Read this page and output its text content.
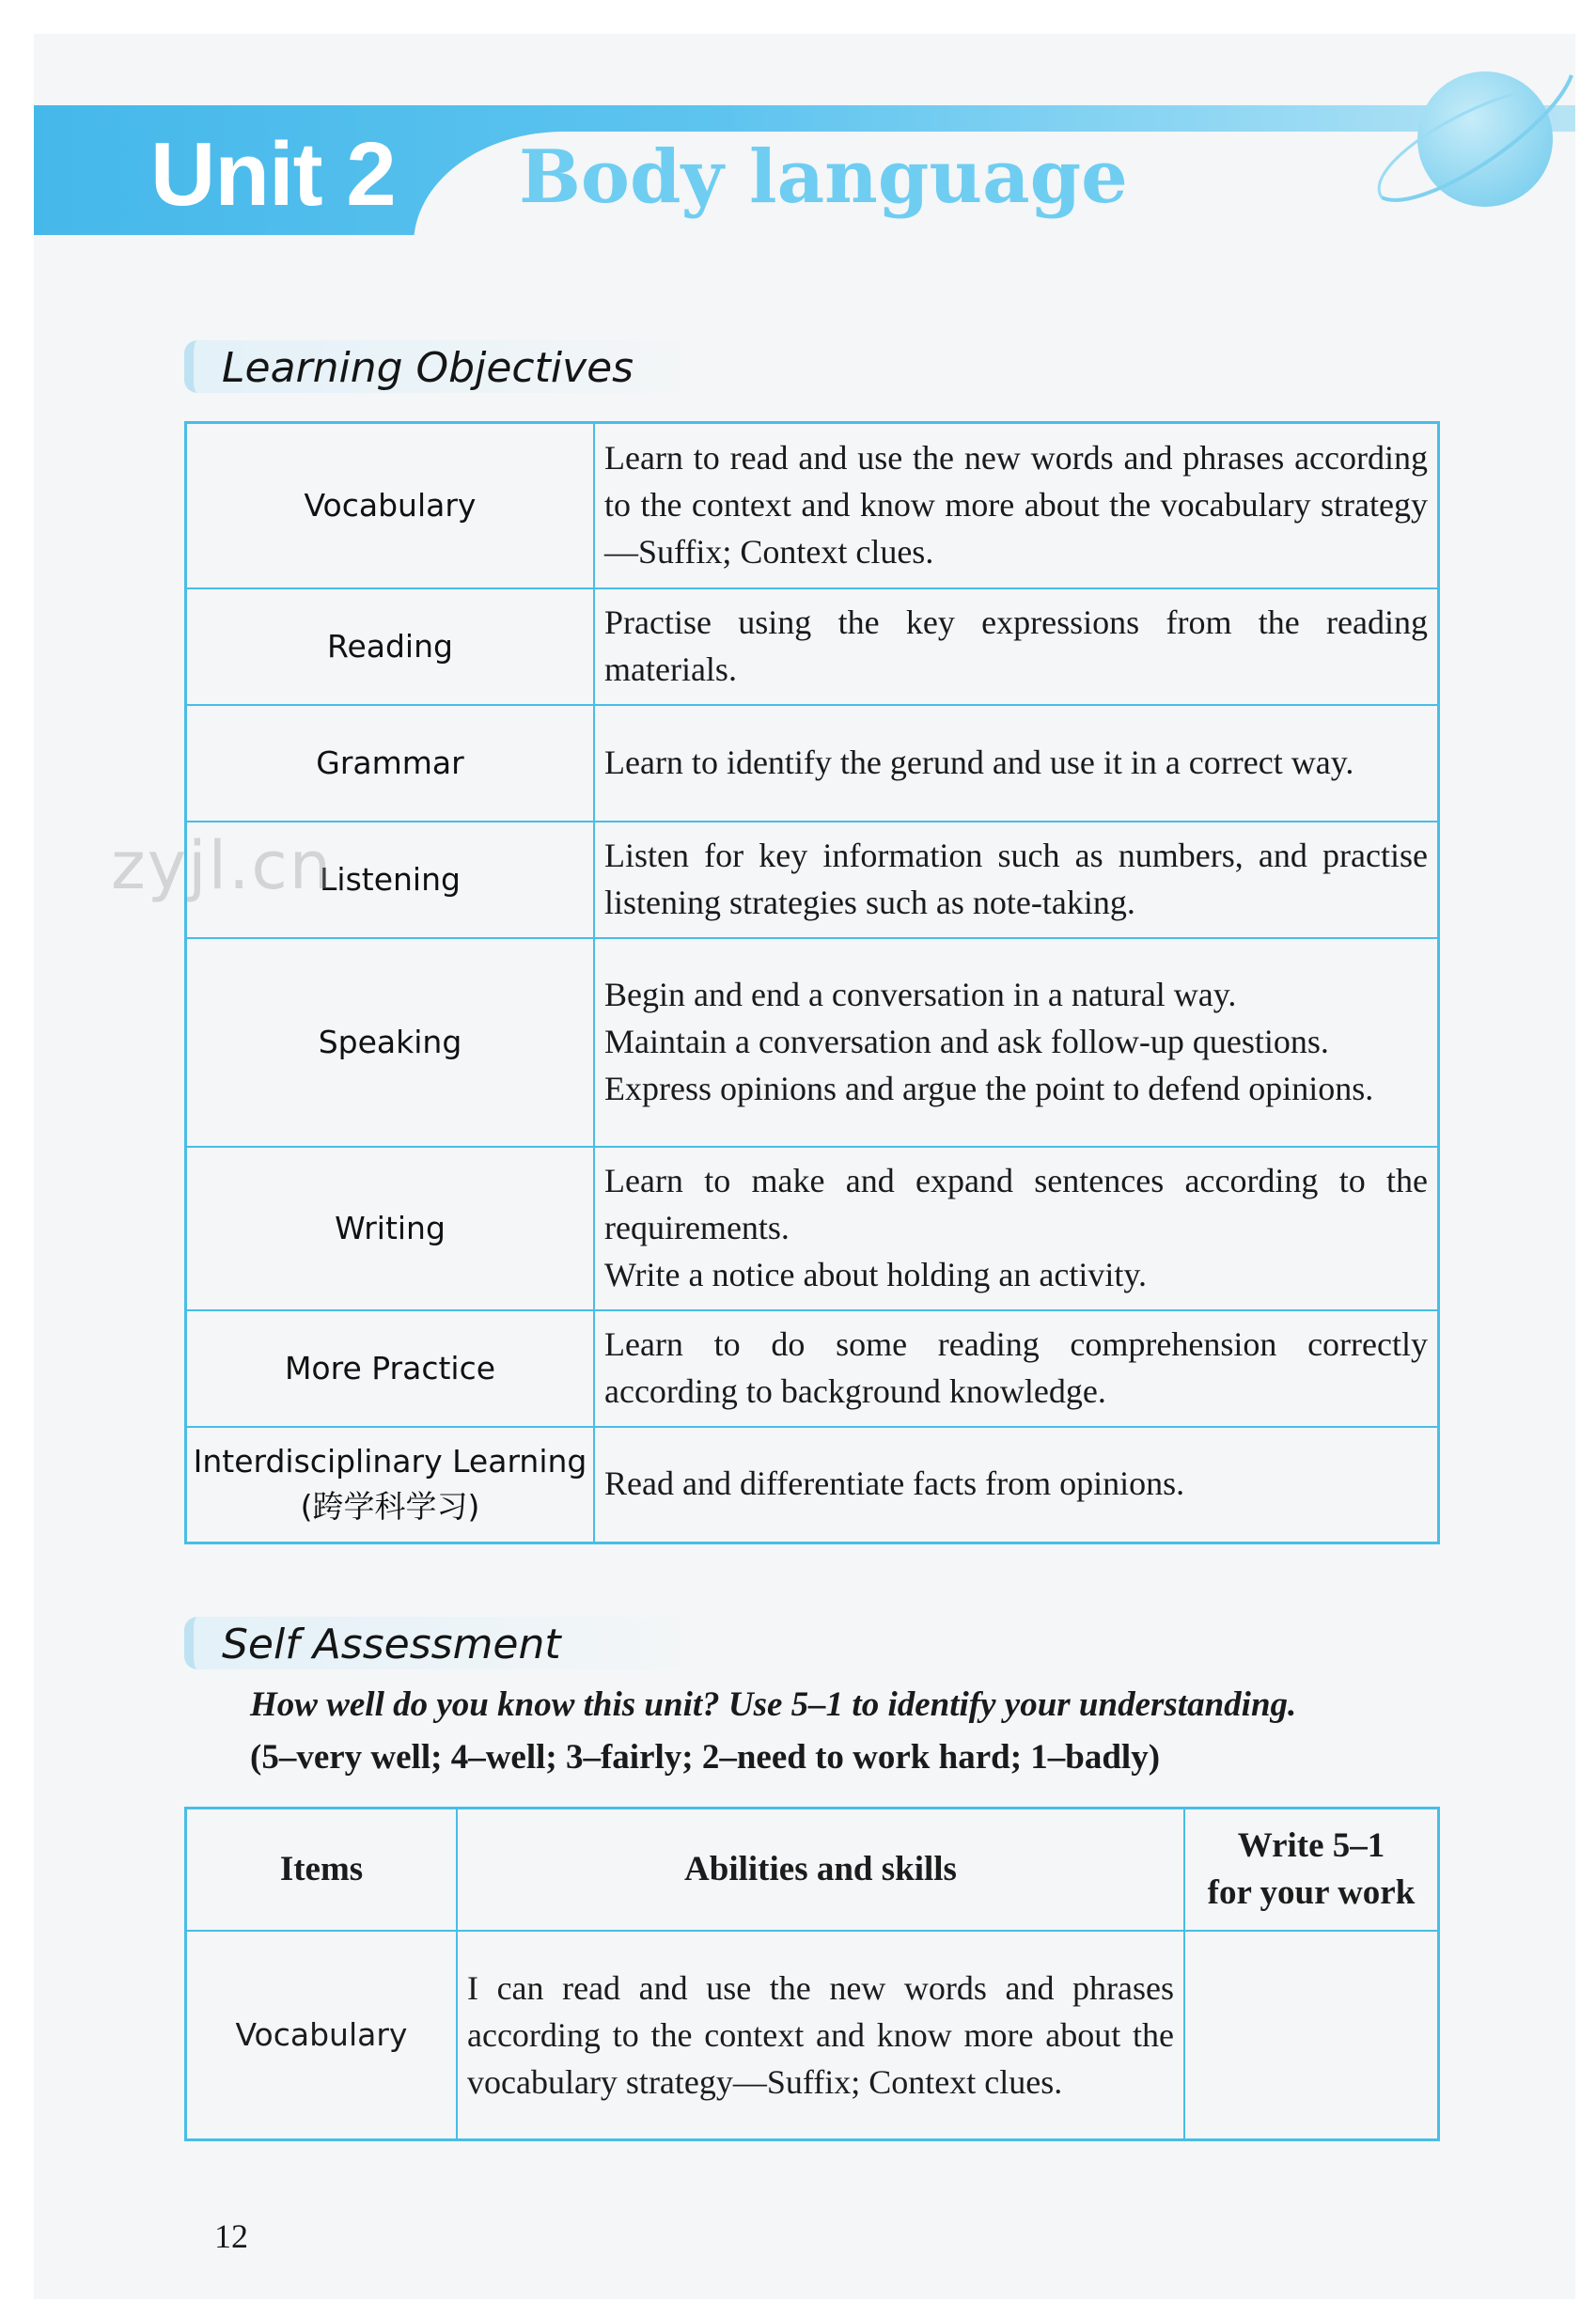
Unit 2 Body language
Learning Objectives
Vocabulary	Learn to read and use the new words and phrases according to the context and know more about the vocabulary strategy—Suffix; Context clues.

Reading	Practise using the key expressions from the reading materials.

Grammar	Learn to identify the gerund and use it in a correct way.

Listening	Listen for key information such as numbers, and practise listening strategies such as note-taking.

Speaking	Begin and end a conversation in a natural way.
Maintain a conversation and ask follow-up questions.
Express opinions and argue the point to defend opinions.

Writing	Learn to make and expand sentences according to the requirements.
Write a notice about holding an activity.

More Practice	Learn to do some reading comprehension correctly according to background knowledge.

Interdisciplinary Learning
(跨学科学习)	Read and differentiate facts from opinions.
zyjl.cn
Self Assessment
How well do you know this unit? Use 5–1 to identify your understanding.
(5–very well; 4–well; 3–fairly; 2–need to work hard; 1–badly)
Items	Abilities and skills	Write 5–1
for your work

Vocabulary	I can read and use the new words and phrases according to the context and know more about the vocabulary strategy—Suffix; Context clues.	
12
